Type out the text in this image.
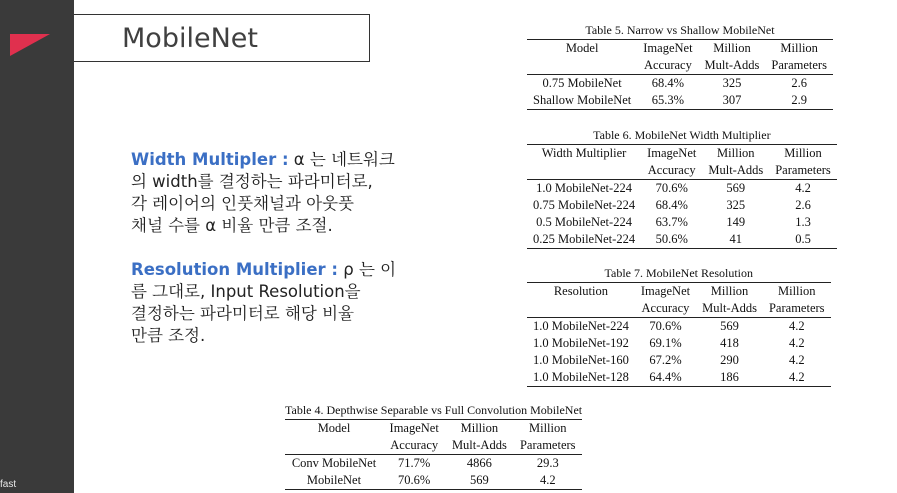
fast
MobileNet
Width Multipler : α 는 네트워크
의 width를 결정하는 파라미터로,
각 레이어의 인풋채널과 아웃풋
채널 수를 α 비율 만큼 조절.
Resolution Multiplier : ρ 는 이
름 그대로, Input Resolution을
결정하는 파라미터로 해당 비율
만큼 조정.
Table 5. Narrow vs Shallow MobileNet
Model	ImageNet	Million	Million
	Accuracy	Mult-Adds	Parameters
0.75 MobileNet	68.4%	325	2.6
Shallow MobileNet	65.3%	307	2.9
Table 6. MobileNet Width Multiplier
Width Multiplier	ImageNet	Million	Million
	Accuracy	Mult-Adds	Parameters
1.0 MobileNet-224	70.6%	569	4.2
0.75 MobileNet-224	68.4%	325	2.6
0.5 MobileNet-224	63.7%	149	1.3
0.25 MobileNet-224	50.6%	41	0.5
Table 7. MobileNet Resolution
Resolution	ImageNet	Million	Million
	Accuracy	Mult-Adds	Parameters
1.0 MobileNet-224	70.6%	569	4.2
1.0 MobileNet-192	69.1%	418	4.2
1.0 MobileNet-160	67.2%	290	4.2
1.0 MobileNet-128	64.4%	186	4.2
Table 4. Depthwise Separable vs Full Convolution MobileNet
Model	ImageNet	Million	Million
	Accuracy	Mult-Adds	Parameters
Conv MobileNet	71.7%	4866	29.3
MobileNet	70.6%	569	4.2
